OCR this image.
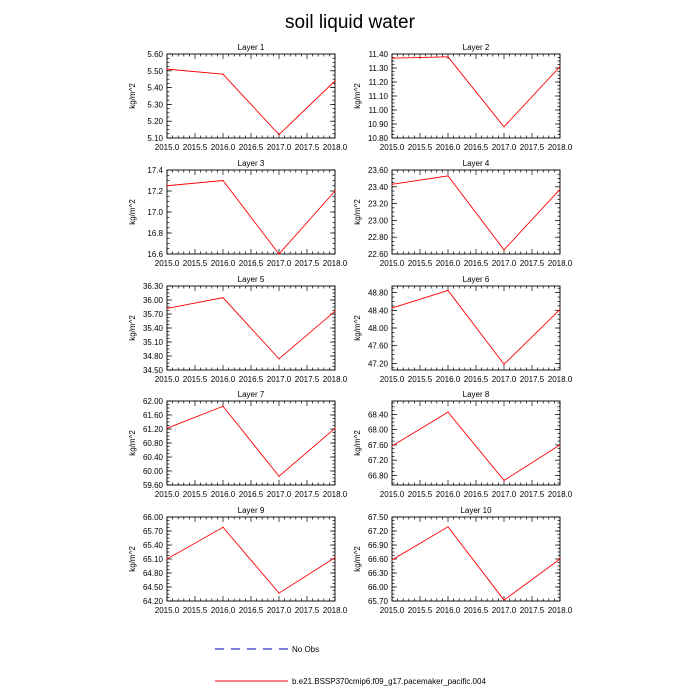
soil liquid water
Layer 1
kg/m^2
2015.0 2015.5 2016.0 2016.5 2017.0 2017.5 2018.0
5.60
5.50
5.40
5.30
5.20
5.10
Layer 2
kg/m^2
2015.0 2015.5 2016.0 2016.5 2017.0 2017.5 2018.0
11.40
11.30
11.20
11.10
11.00
10.90
10.80
Layer 3
kg/m^2
2015.0 2015.5 2016.0 2016.5 2017.0 2017.5 2018.0
17.4
17.2
17.0
16.8
16.6
Layer 4
kg/m^2
2015.0 2015.5 2016.0 2016.5 2017.0 2017.5 2018.0
23.60
23.40
23.20
23.00
22.80
22.60
Layer 5
kg/m^2
2015.0 2015.5 2016.0 2016.5 2017.0 2017.5 2018.0
36.30
36.00
35.70
35.40
35.10
34.80
34.50
Layer 6
kg/m^2
2015.0 2015.5 2016.0 2016.5 2017.0 2017.5 2018.0
48.80
48.40
48.00
47.60
47.20
Layer 7
kg/m^2
2015.0 2015.5 2016.0 2016.5 2017.0 2017.5 2018.0
62.00
61.60
61.20
60.80
60.40
60.00
59.60
Layer 8
kg/m^2
2015.0 2015.5 2016.0 2016.5 2017.0 2017.5 2018.0
68.40
68.00
67.60
67.20
66.80
Layer 9
kg/m^2
2015.0 2015.5 2016.0 2016.5 2017.0 2017.5 2018.0
66.00
65.70
65.40
65.10
64.80
64.50
64.20
Layer 10
kg/m^2
2015.0 2015.5 2016.0 2016.5 2017.0 2017.5 2018.0
67.50
67.20
66.90
66.60
66.30
66.00
65.70
No Obs
b.e21.BSSP370cmip6.f09_g17.pacemaker_pacific.004
